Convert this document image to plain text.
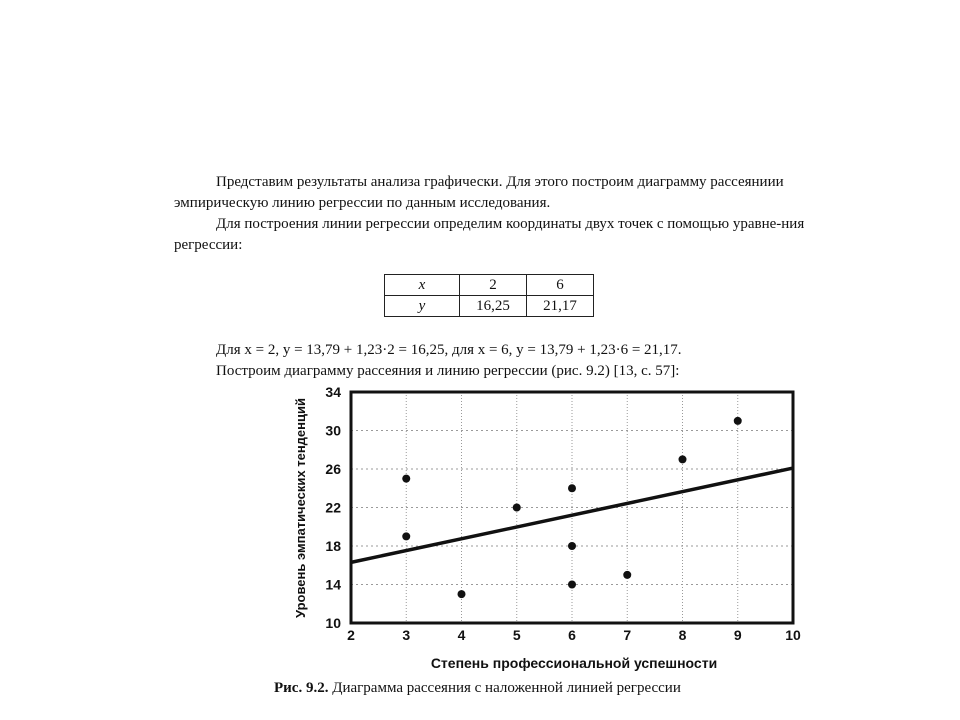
Представим результаты анализа графически. Для этого построим диаграмму рассеяниии эмпирическую линию регрессии по данным исследования.
Для построения линии регрессии определим координаты двух точек с помощью уравне-ния регрессии:
x	2	6
y	16,25	21,17
Для x = 2, y = 13,79 + 1,23·2 = 16,25, для x = 6, y = 13,79 + 1,23·6 = 21,17.
Построим диаграмму рассеяния и линию регрессии (рис. 9.2) [13, с. 57]:
2	3	4	5	6	7	8	9	10
10
14
18
22
26
30
34
Степень профессиональной успешности
Уровень эмпатических тенденций
Рис. 9.2. Диаграмма рассеяния с наложенной линией регрессии
